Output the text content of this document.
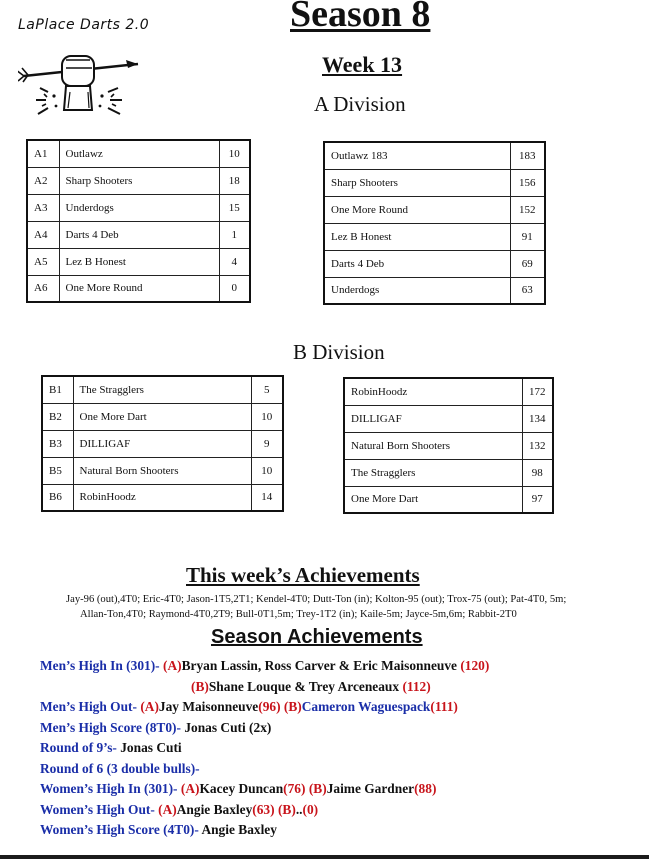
LaPlace Darts 2.0	Season 8
Week 13
A Division
A1	Outlawz	10
A2	Sharp Shooters	18
A3	Underdogs	15
A4	Darts 4 Deb	1
A5	Lez B Honest	4
A6	One More Round	0
Outlawz 183	183
Sharp Shooters	156
One More Round	152
Lez B Honest	91
Darts 4 Deb	69
Underdogs	63
B Division
B1	The Stragglers	5
B2	One More Dart	10
B3	DILLIGAF	9
B5	Natural Born Shooters	10
B6	RobinHoodz	14
RobinHoodz	172
DILLIGAF	134
Natural Born Shooters	132
The Stragglers	98
One More Dart	97
This week’s Achievements
Jay-96 (out),4T0; Eric-4T0; Jason-1T5,2T1; Kendel-4T0; Dutt-Ton (in); Kolton-95 (out); Trox-75 (out); Pat-4T0, 5m;
Allan-Ton,4T0; Raymond-4T0,2T9; Bull-0T1,5m; Trey-1T2 (in); Kaile-5m; Jayce-5m,6m; Rabbit-2T0
Season Achievements
Men’s High In (301)- (A)Bryan Lassin, Ross Carver & Eric Maisonneuve (120)
(B)Shane Louque & Trey Arceneaux (112)
Men’s High Out- (A)Jay Maisonneuve(96) (B)Cameron Waguespack(111)
Men’s High Score (8T0)- Jonas Cuti (2x)
Round of 9’s- Jonas Cuti
Round of 6 (3 double bulls)-
Women’s High In (301)- (A)Kacey Duncan(76) (B)Jaime Gardner(88)
Women’s High Out- (A)Angie Baxley(63) (B)..(0)
Women’s High Score (4T0)- Angie Baxley
